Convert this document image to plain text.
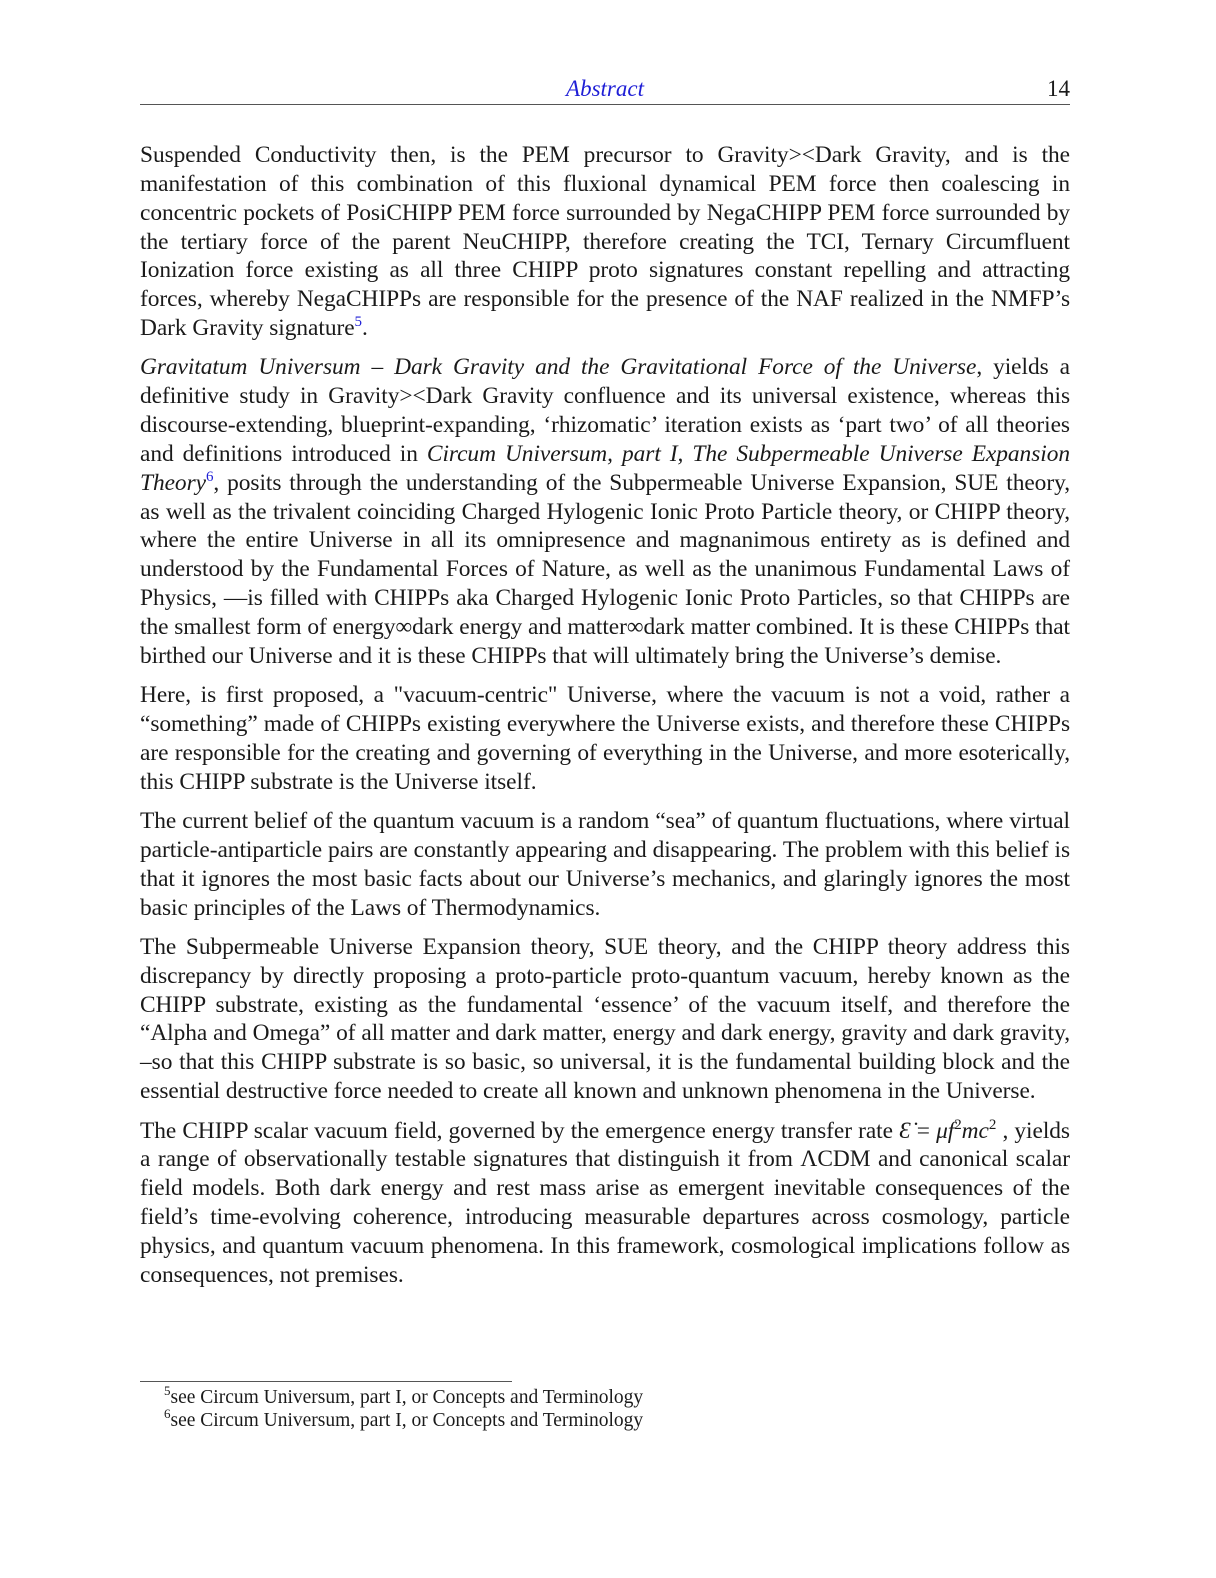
Abstract	14

Suspended Conductivity then, is the PEM precursor to Gravity><Dark Gravity, and is the manifestation of this combination of this fluxional dynamical PEM force then coalescing in concentric pockets of PosiCHIPP PEM force surrounded by NegaCHIPP PEM force surrounded by the tertiary force of the parent NeuCHIPP, therefore creating the TCI, Ternary Circumfluent Ionization force existing as all three CHIPP proto signatures constant repelling and attracting forces, whereby NegaCHIPPs are responsible for the presence of the NAF realized in the NMFP’s Dark Gravity signature$^5$.

Gravitatum Universum – Dark Gravity and the Gravitational Force of the Universe, yields a definitive study in Gravity><Dark Gravity confluence and its universal existence, whereas this discourse-extending, blueprint-expanding, ‘rhizomatic’ iteration exists as ‘part two’ of all theories and definitions introduced in Circum Universum, part I, The Subpermeable Universe Expansion Theory$^6$, posits through the understanding of the Subpermeable Universe Expansion, SUE theory, as well as the trivalent coinciding Charged Hylogenic Ionic Proto Particle theory, or CHIPP theory, where the entire Universe in all its omnipresence and magnanimous entirety as is defined and understood by the Fundamental Forces of Nature, as well as the unanimous Fundamental Laws of Physics, —is filled with CHIPPs aka Charged Hylogenic Ionic Proto Particles, so that CHIPPs are the smallest form of energy∞dark energy and matter∞dark matter combined. It is these CHIPPs that birthed our Universe and it is these CHIPPs that will ultimately bring the Universe’s demise.

Here, is first proposed, a "vacuum-centric" Universe, where the vacuum is not a void, rather a “something” made of CHIPPs existing everywhere the Universe exists, and therefore these CHIPPs are responsible for the creating and governing of everything in the Universe, and more esoterically, this CHIPP substrate is the Universe itself.

The current belief of the quantum vacuum is a random “sea” of quantum fluctuations, where virtual particle-antiparticle pairs are constantly appearing and disappearing. The problem with this belief is that it ignores the most basic facts about our Universe’s mechanics, and glaringly ignores the most basic principles of the Laws of Thermodynamics.

The Subpermeable Universe Expansion theory, SUE theory, and the CHIPP theory address this discrepancy by directly proposing a proto-particle proto-quantum vacuum, hereby known as the CHIPP substrate, existing as the fundamental ‘essence’ of the vacuum itself, and therefore the “Alpha and Omega” of all matter and dark matter, energy and dark energy, gravity and dark gravity, –so that this CHIPP substrate is so basic, so universal, it is the fundamental building block and the essential destructive force needed to create all known and unknown phenomena in the Universe.

The CHIPP scalar vacuum field, governed by the emergence energy transfer rate Ɛ̇ = $\mu f^2mc^2$ , yields a range of observationally testable signatures that distinguish it from ΛCDM and canonical scalar field models. Both dark energy and rest mass arise as emergent inevitable consequences of the field’s time-evolving coherence, introducing measurable departures across cosmology, particle physics, and quantum vacuum phenomena. In this framework, cosmological implications follow as consequences, not premises.

$^5$see Circum Universum, part I, or Concepts and Terminology
$^6$see Circum Universum, part I, or Concepts and Terminology
